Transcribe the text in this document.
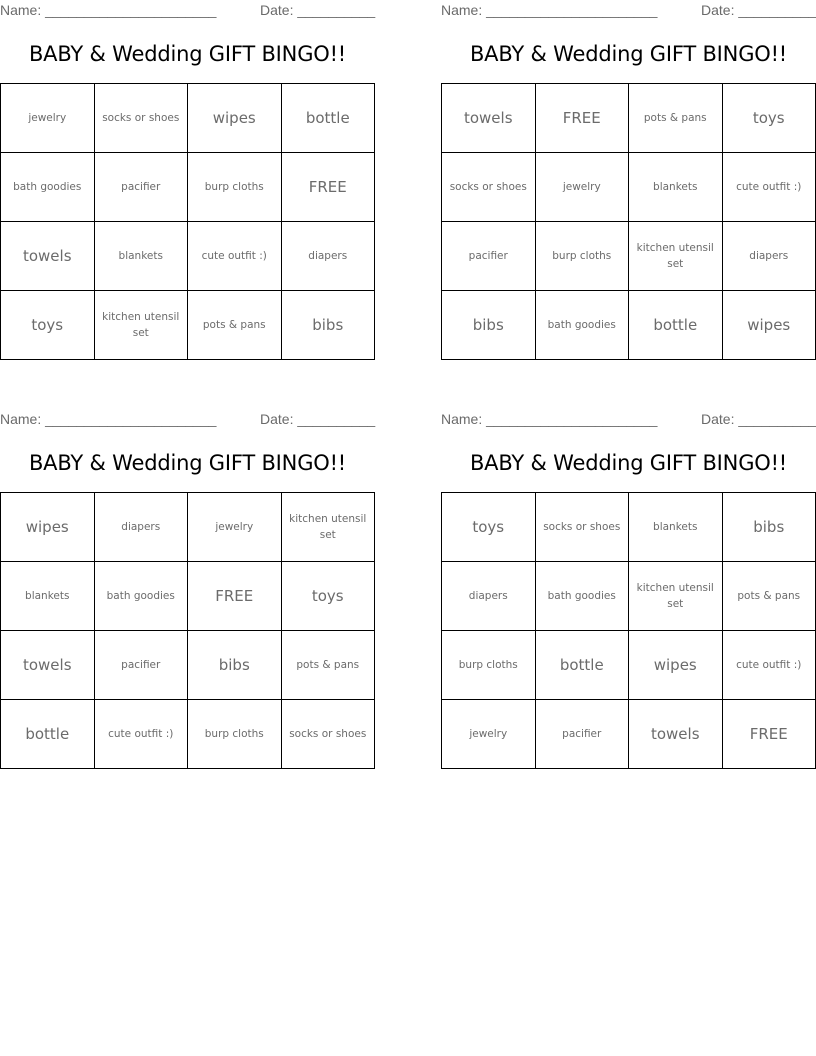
Name: ______________________	Date: __________
BABY & Wedding GIFT BINGO!!
jewelry	socks or shoes	wipes	bottle
bath goodies	pacifier	burp cloths	FREE
towels	blankets	cute outfit :)	diapers
toys	kitchen utensil set	pots & pans	bibs
Name: ______________________	Date: __________
BABY & Wedding GIFT BINGO!!
towels	FREE	pots & pans	toys
socks or shoes	jewelry	blankets	cute outfit :)
pacifier	burp cloths	kitchen utensil set	diapers
bibs	bath goodies	bottle	wipes
Name: ______________________	Date: __________
BABY & Wedding GIFT BINGO!!
wipes	diapers	jewelry	kitchen utensil set
blankets	bath goodies	FREE	toys
towels	pacifier	bibs	pots & pans
bottle	cute outfit :)	burp cloths	socks or shoes
Name: ______________________	Date: __________
BABY & Wedding GIFT BINGO!!
toys	socks or shoes	blankets	bibs
diapers	bath goodies	kitchen utensil set	pots & pans
burp cloths	bottle	wipes	cute outfit :)
jewelry	pacifier	towels	FREE
